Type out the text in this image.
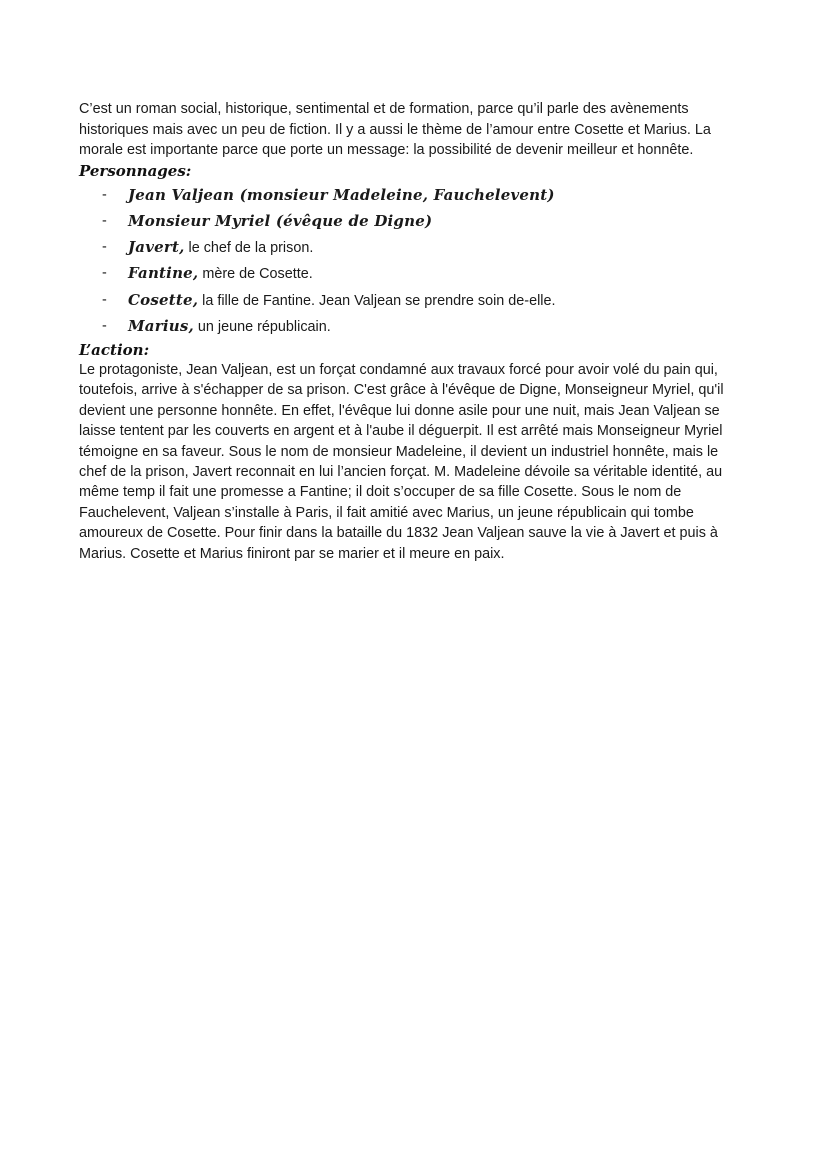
C’est un roman social, historique, sentimental et de formation, parce qu’il parle des avènements historiques mais avec un peu de fiction. Il y a aussi le thème de l’amour entre Cosette et Marius. La morale est importante parce que porte un message: la possibilité de devenir meilleur et honnête.

Personnages:
- Jean Valjean (monsieur Madeleine, Fauchelevent)
- Monsieur Myriel (évêque de Digne)
- Javert, le chef de la prison.
- Fantine, mère de Cosette.
- Cosette, la fille de Fantine. Jean Valjean se prendre soin de-elle.
- Marius, un jeune républicain.
L’action:

Le protagoniste, Jean Valjean, est un forçat condamné aux travaux forcé pour avoir volé du pain qui, toutefois, arrive à s'échapper de sa prison. C'est grâce à l'évêque de Digne, Monseigneur Myriel, qu'il devient une personne honnête. En effet, l'évêque lui donne asile pour une nuit, mais Jean Valjean se laisse tentent par les couverts en argent et à l'aube il déguerpit. Il est arrêté mais Monseigneur Myriel témoigne en sa faveur. Sous le nom de monsieur Madeleine, il devient un industriel honnête, mais le chef de la prison, Javert reconnait en lui l’ancien forçat. M. Madeleine dévoile sa véritable identité, au même temp il fait une promesse a Fantine; il doit s’occuper de sa fille Cosette. Sous le nom de Fauchelevent, Valjean s’installe à Paris, il fait amitié avec Marius, un jeune républicain qui tombe amoureux de Cosette. Pour finir dans la bataille du 1832 Jean Valjean sauve la vie à Javert et puis à Marius. Cosette et Marius finiront par se marier et il meure en paix.
